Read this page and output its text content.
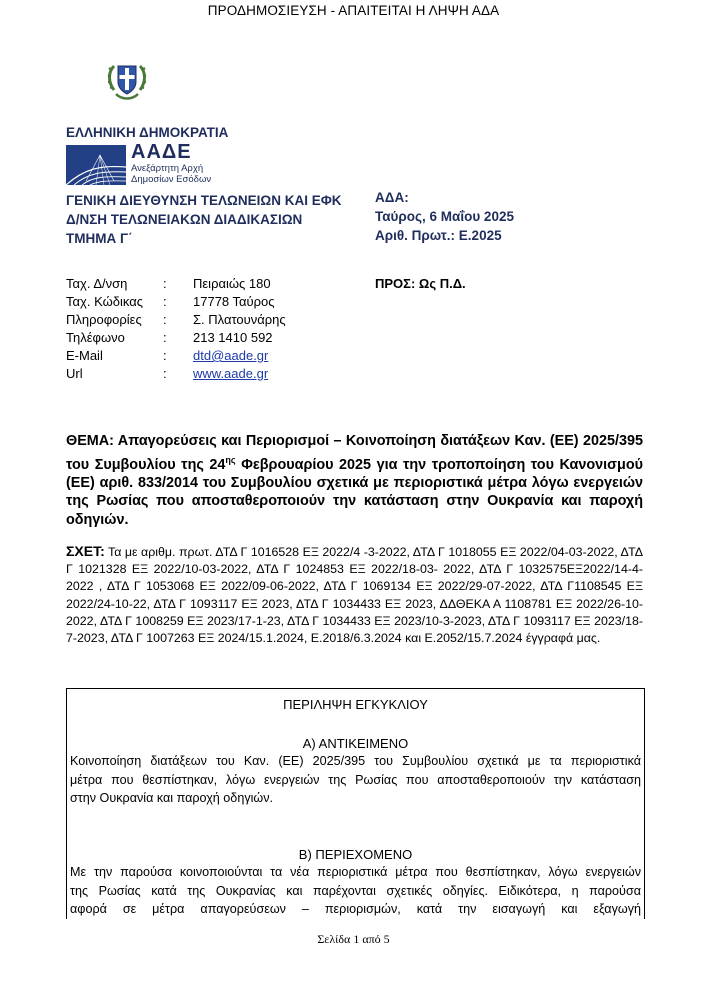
ΠΡΟΔΗΜΟΣΙΕΥΣΗ - ΑΠΑΙΤΕΙΤΑΙ Η ΛΗΨΗ ΑΔΑ
ΕΛΛΗΝΙΚΗ ΔΗΜΟΚΡΑΤΙΑ
ΑΑΔΕ
Ανεξάρτητη Αρχή
Δημοσίων Εσόδων
ΓΕΝΙΚΗ ΔΙΕΥΘΥΝΣΗ ΤΕΛΩΝΕΙΩΝ ΚΑΙ ΕΦΚ
Δ/ΝΣΗ ΤΕΛΩΝΕΙΑΚΩΝ ΔΙΑΔΙΚΑΣΙΩΝ
ΤΜΗΜΑ Γ΄
ΑΔΑ:
Ταύρος, 6 Μαΐου 2025
Αριθ. Πρωτ.: Ε.2025
ΠΡΟΣ: Ως Π.Δ.
Ταχ. Δ/νση	:	Πειραιώς 180
Ταχ. Κώδικας	:	17778 Ταύρος
Πληροφορίες	:	Σ. Πλατουνάρης
Τηλέφωνο	:	213 1410 592
E-Mail	:	dtd@aade.gr
Url	:	www.aade.gr
ΘΕΜΑ: Απαγορεύσεις και Περιορισμοί – Κοινοποίηση διατάξεων Καν. (ΕΕ) 2025/395 του Συμβουλίου της $24^{\eta\varsigma}$ Φεβρουαρίου 2025 για την τροποποίηση του Κανονισμού (ΕΕ) αριθ. 833/2014 του Συμβουλίου σχετικά με περιοριστικά μέτρα λόγω ενεργειών της Ρωσίας που αποσταθεροποιούν την κατάσταση στην Ουκρανία και παροχή οδηγιών.
ΣΧΕΤ: Τα με αριθμ. πρωτ. ΔΤΔ Γ 1016528 ΕΞ 2022/4 -3-2022, ΔΤΔ Γ 1018055 ΕΞ 2022/04-03-2022, ΔΤΔ Γ 1021328 ΕΞ 2022/10-03-2022, ΔΤΔ Γ 1024853 ΕΞ 2022/18-03- 2022, ΔΤΔ Γ 1032575ΕΞ2022/14-4-2022 , ΔΤΔ Γ 1053068 ΕΞ 2022/09-06-2022, ΔΤΔ Γ 1069134 ΕΞ 2022/29-07-2022, ΔΤΔ Γ1108545 ΕΞ 2022/24-10-22, ΔΤΔ Γ 1093117 ΕΞ 2023, ΔΤΔ Γ 1034433 ΕΞ 2023, ΔΔΘΕΚΑ Α 1108781 ΕΞ 2022/26-10- 2022, ΔΤΔ Γ 1008259 ΕΞ 2023/17-1-23, ΔΤΔ Γ 1034433 ΕΞ 2023/10-3-2023, ΔΤΔ Γ 1093117 ΕΞ 2023/18-7-2023, ΔΤΔ Γ 1007263 ΕΞ 2024/15.1.2024, Ε.2018/6.3.2024 και Ε.2052/15.7.2024 έγγραφά μας.
ΠΕΡΙΛΗΨΗ ΕΓΚΥΚΛΙΟΥ
Α) ΑΝΤΙΚΕΙΜΕΝΟ
Κοινοποίηση διατάξεων του Καν. (ΕΕ) 2025/395 του Συμβουλίου σχετικά με τα περιοριστικά
μέτρα που θεσπίστηκαν, λόγω ενεργειών της Ρωσίας που αποσταθεροποιούν την κατάσταση
στην Ουκρανία και παροχή οδηγιών.
Β) ΠΕΡΙΕΧΟΜΕΝΟ
Με την παρούσα κοινοποιούνται τα νέα περιοριστικά μέτρα που θεσπίστηκαν, λόγω ενεργειών
της Ρωσίας κατά της Ουκρανίας και παρέχονται σχετικές οδηγίες. Ειδικότερα, η παρούσα
αφορά σε μέτρα απαγορεύσεων – περιορισμών, κατά την εισαγωγή και εξαγωγή
Σελίδα 1 από 5
